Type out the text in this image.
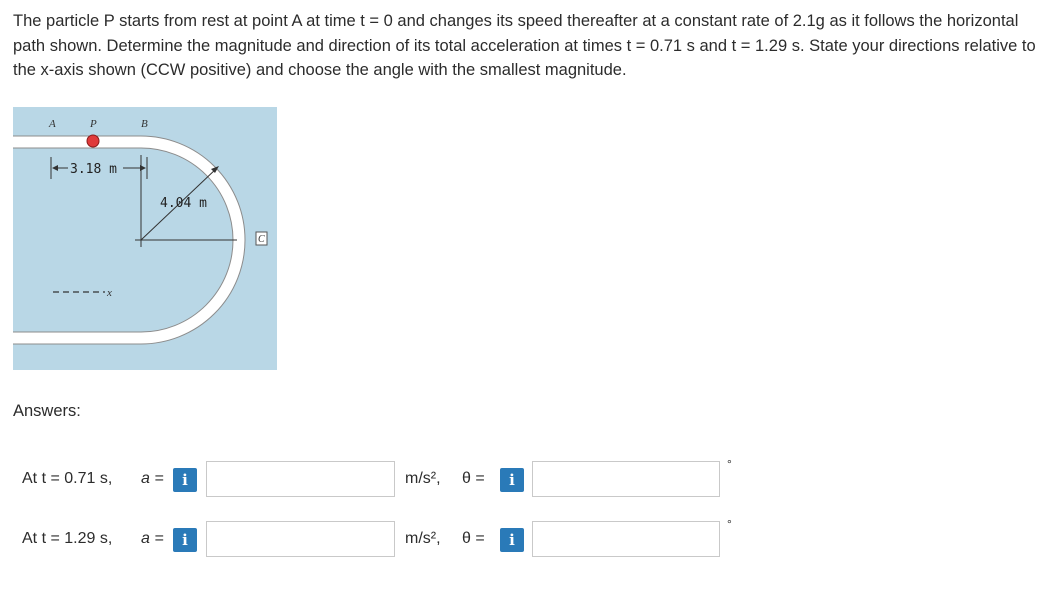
The particle P starts from rest at point A at time t = 0 and changes its speed thereafter at a constant rate of 2.1g as it follows the horizontal path shown. Determine the magnitude and direction of its total acceleration at times t = 0.71 s and t = 1.29 s. State your directions relative to the x-axis shown (CCW positive) and choose the angle with the smallest magnitude.

A	P	B
3.18 m
4.04 m
C
x
Answers:
At t = 0.71 s, a =	i	m/s², θ =	i
°
At t = 1.29 s, a =	i	m/s², θ =	i
°
